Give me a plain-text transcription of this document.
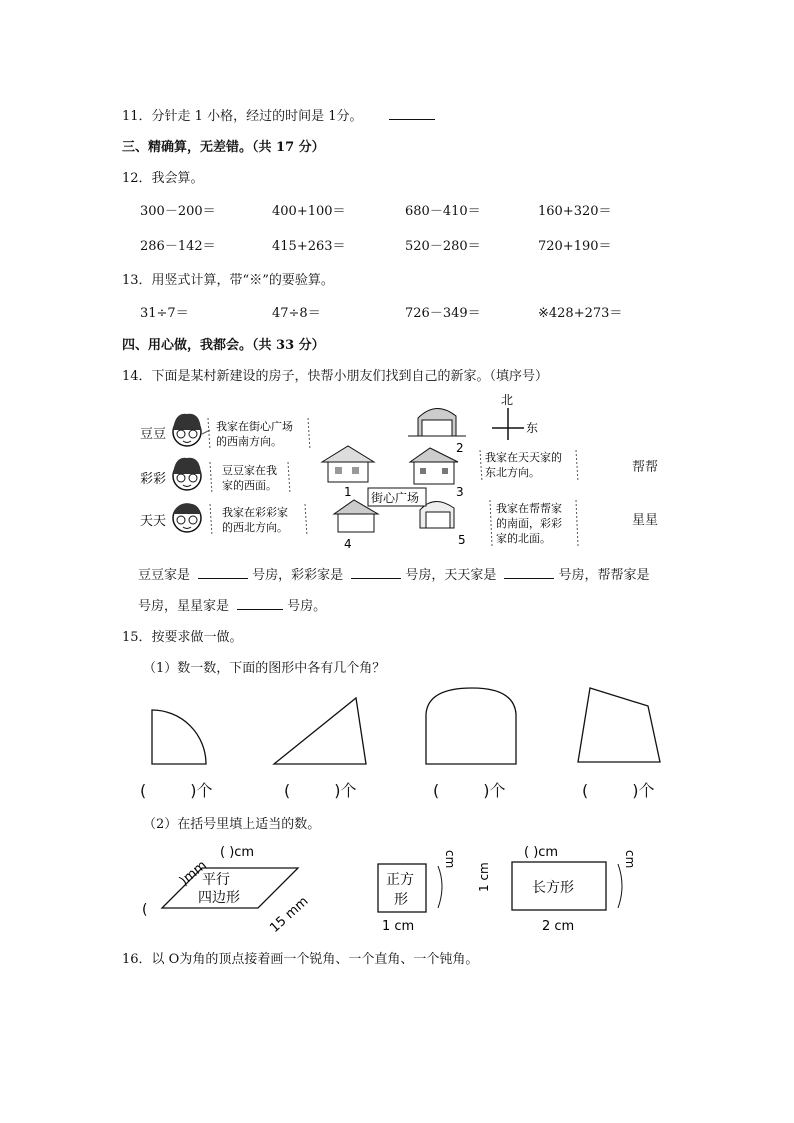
11．分针走 1 小格，经过的时间是 1分。
三、精确算，无差错。（共 17 分）
12．我会算。
300－200＝	400+100＝	680－410＝	160+320＝
286－142＝	415+263＝	520－280＝	720+190＝
13．用竖式计算，带“※”的要验算。
31÷7＝	47÷8＝	726－349＝	※428+273＝
四、用心做，我都会。（共 33 分）
14．下面是某村新建设的房子，快帮小朋友们找到自己的新家。（填序号）
豆豆
我家在街心广场
的西南方向。
彩彩
豆豆家在我
家的西面。
天天
我家在彩彩家
的西北方向。
1
2
3
4	5
街心广场
北
东
我家在天天家的
东北方向。
我家在帮帮家
的南面，彩彩
家的北面。
帮帮
星星
豆豆家是	号房，彩彩家是	号房，天天家是	号房，帮帮家是
号房，星星家是	号房。
15．按要求做一做。
（1）数一数，下面的图形中各有几个角？
(	)个	(	)个	(	)个	(	)个
（2）在括号里填上适当的数。
( )cm
)mm
(
平行
四边形 15 mm
正方
形
1 cm
cm
长方形
( )cm
1 cm
2 cm
cm
16．以 O为角的顶点接着画一个锐角、一个直角、一个钝角。
